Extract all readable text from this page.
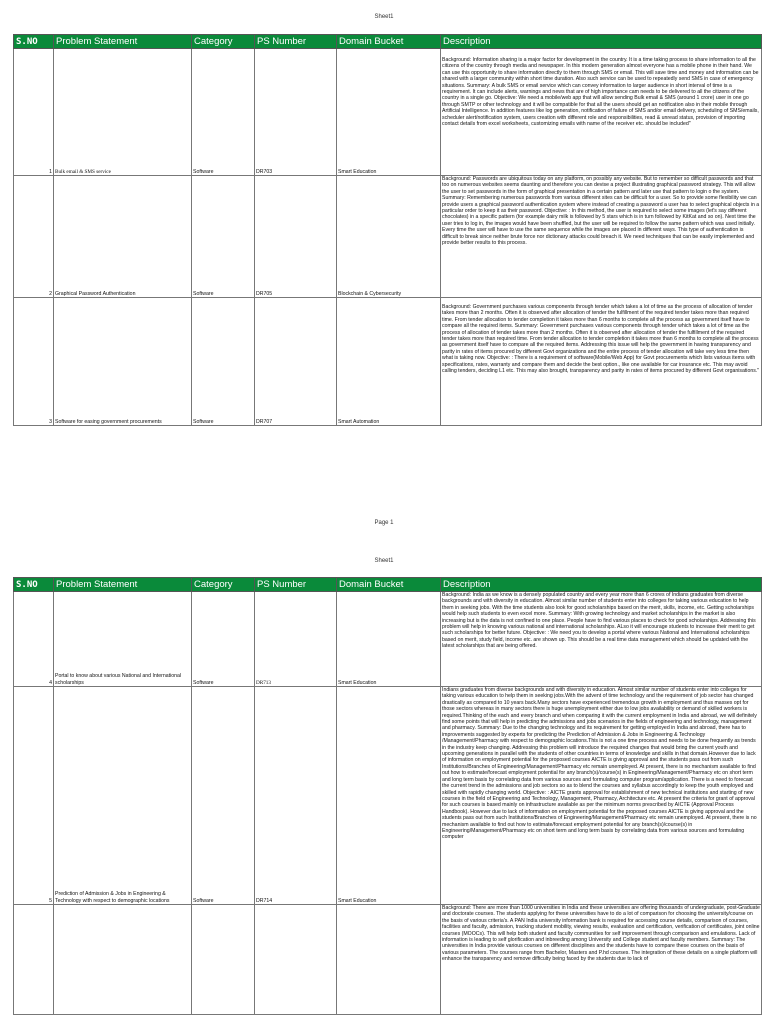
Sheet1
S.NO	Problem Statement	Category	PS Number	Domain Bucket	Description
1	Bulk email & SMS service	Software	DR703	Smart Education	Background: Information sharing is a major factor for development in the country. It is a time taking process to share information to all the citizens of the country through media and newspaper. In this modern generation almost everyone has a mobile phone in their hand. We can use this opportunity to share information directly to them through SMS or email. This will save time and money and information can be shared with a larger community within short time duration. Also such service can be used to repeatedly send SMS in case of emergency situations. Summary: A bulk SMS or email service which can convey information to larger audience in short interval of time is a requirement. It can include alerts, warnings and news that are of high importance cam needs to be delivered to all the citizens of the country in a single go. Objective: We need a mobile/web app that will allow sending Bulk email & SMS (around 1 crore) user in one go through SMTP or other technology and it will be compatible for that all the users should get an notification also in their mobile through Artificial Intelligence. In addition features like log generation, notification of failure of SMS and/or email delivery, scheduling of SMS/emails, scheduler alert/notification system, users creation with different role and responsibilities, read & unread status, provision of importing contact details from excel worksheets, customizing emails with name of the receiver etc. should be included"
2	Graphical Password Authentication	Software	DR705	Blockchain & Cybersecurity	Background: Passwords are ubiquitous today on any platform, on possibly any website. But to remember so difficult passwords and that too on numerous websites seems daunting and therefore you can devise a project illustrating graphical password strategy. This will allow the user to set passwords in the form of graphical presentation in a certain pattern and later use that pattern to login o the system. Summary: Remembering numerous passwords from various different sites can be difficult for a user. So to provide some flexibility we can provide users a graphical password authentication system where instead of creating a password a user has to select graphical objects in a particular order to keep it as their password. Objective: : In this method, the user is required to select some images (let's say different chocolates) in a specific pattern (for example dairy milk is followed by 5 stars which is in turn followed by KitKat and so on). Next time the user tries to log in, the images would have been shuffled, but the user will be required to follow the same pattern which was used initially. Every time the user will have to use the same sequence while the images are placed in different ways. This type of authentication is difficult to break since neither brute force nor dictionary attacks could breach it. We need techniques that can be easily implemented and provide better results to this process.
3	Software for easing government procurements	Software	DR707	Smart Automation	Background: Government purchases various components through tender which takes a lot of time as the process of allocation of tender takes more than 2 months. Often it is observed after allocation of tender the fulfillment of the required tender takes more than required time. From tender allocation to tender completion it takes more than 6 months to complete all the process as government itself have to compare all the required items. Summary: Government purchases various components through tender which takes a lot of time as the process of allocation of tender takes more than 2 months. Often it is observed after allocation of tender the fulfillment of the required tender takes more than required time. From tender allocation to tender completion it takes more than 6 months to complete all the process as government itself have to compare all the required items. Addressing this issue will help the government in having transparency and parity in rates of items procured by different Govt organizations and the entire process of tender allocation will take very less time then what is taking now. Objective: : There is a requirement of software(Mobile/Web App) for Govt procurements which lists various items with specifications, rates, warranty and compare them and decide the best option., like one available for car insurance etc. This may avoid calling tenders, deciding L1 etc. This may also brought, transparency and parity in rates of items procured by different Govt organisations."
Page 1
Sheet1
S.NO	Problem Statement	Category	PS Number	Domain Bucket	Description
4	Portal to know about various National and International scholarships	Software	DR713	Smart Education	Background: India as we know is a densely populated country and every year more than 6 crores of Indians graduates from diverse backgrounds and with diversity in education. Almost similar number of students enter into colleges for taking various education to help them in seeking jobs. With the time students also look for good scholarships based on the merit, skills, income, etc. Getting scholarships would help such students to even excel more. Summary: With growing technology and market scholarships in the market is also increasing but is the data is not confined to one place. People have to find various places to check for good scholarships. Addressing this problem will help in knowing various national and international scholarships. ALso it will encourage students to increase their merit to get such scholarships for better future. Objective: : We need you to develop a portal where various National and International scholarships based on merit, study field, income etc. are shown up. This should be a real time data management which should be updated with the latest scholarships that are being offered.
5	Prediction of Admission & Jobs in Engineering & Technology with respect to demographic locations	Software	DR714	Smart Education	Indians graduates from diverse backgrounds and with diversity in education. Almost similar number of students enter into colleges for taking various education to help them in seeking jobs.With the advent of time technology and the requirement of job sector has changed drastically as compared to 10 years back.Many sectors have experienced tremendous growth in employment and thus masses opt for those sectors whereas in many sectors there is huge unemployment either due to low jobs availability or demand of skilled workers is required.Thinking of the each and every branch and when comparing it with the current employment in India and abroad, we will definitely find some points that will help in predicting the admissions and jobs scenarios in the fields of engineering and technology, management and pharmacy. Summary: Due to the changing technology and its requirement for getting employed in India and abroad, there has to improvements suggested by experts for predicting the Prediction of Admission & Jobs in Engineering & Technology /Management/Pharmacy with respect to demographic locations.This is not a one time process and needs to be done frequently as trends in the industry keep changing. Addressing this problem will introduce the required changes that would bring the current youth and upcoming generations in parallel with the students of other countries in terms of knowledge and skills in that domain.However due to lack of information on employment potential for the proposed courses AICTE is giving approval and the students pass out from such Institutions/Branches of Engineering/Management/Pharmacy etc remain unemployed. At present, there is no mechanism available to find out how to estimate/forecast employment potential for any branch(s)/course(s) in Engineering/Management/Pharmacy etc on short term and long term basis by correlating data from various sources and formulating computer program/application. There is a need to forecast the current trend in the admissions and job sectors so as to blend the courses and syllabus accordingly to keep the youth employed and skilled with rapidly changing world. Objective: : AICTE grants approval for establishment of new technical institutions and starting of new courses in the field of Engineering and Technology, Management, Pharmacy, Architecture etc. At present the criteria for grant of approval for such courses is based mainly on infrastructure available as per the minimum norms prescribed by AICTE (Approval Process Handbook). However due to lack of information on employment potential for the proposed courses AICTE is giving approval and the students pass out from such Institutions/Branches of Engineering/Management/Pharmacy etc remain unemployed. At present, there is no mechanism available to find out how to estimate/forecast employment potential for any branch(s)/course(s) in Engineering/Management/Pharmacy etc on short term and long term basis by correlating data from various sources and formulating computer
					Background: There are more than 1000 universities in India and these universities are offering thousands of undergraduate, post-Graduate and doctorate courses. The students applying for these universities have to do a lot of comparison for choosing the university/course on the basis of various criteria's. A PAN India university information bank is required for accessing course details, comparison of courses, facilities and faculty, admission, tracking student mobility, viewing results, evaluation and certification, verification of certificates, joint online courses (MOOCs). This will help both student and faculty communities for self improvement through comparison and emulations. Lack of information is leading to self glorification and inbreeding among University and College student and faculty members. Summary: The universities in India provide various courses on different disciplines and the students have to compare these courses on the basis of various parameters. The courses range from Bachelor, Masters and P.hd courses. The integration of these details on a single platform will enhance the transparency and remove difficulty being faced by the students due to lack of
